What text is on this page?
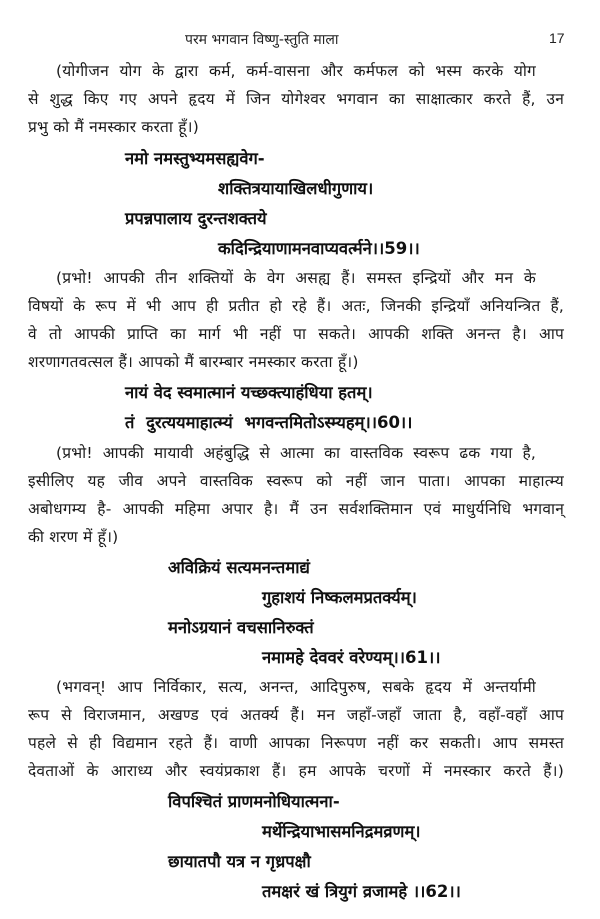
परम भगवान विष्णु-स्तुति माला	17
(योगीजन योग के द्वारा कर्म, कर्म-वासना और कर्मफल को भस्म करके योग
से शुद्ध किए गए अपने हृदय में जिन योगेश्वर भगवान का साक्षात्कार करते हैं, उन
प्रभु को मैं नमस्कार करता हूँ।)
नमो नमस्तुभ्यमसह्यवेग-
शक्तित्रयायाखिलधीगुणाय।
प्रपन्नपालाय दुरन्तशक्तये
कदिन्द्रियाणामनवाप्यवर्त्मने।।59।।
(प्रभो! आपकी तीन शक्तियों के वेग असह्य हैं। समस्त इन्द्रियों और मन के
विषयों के रूप में भी आप ही प्रतीत हो रहे हैं। अतः, जिनकी इन्द्रियाँ अनियन्त्रित हैं,
वे तो आपकी प्राप्ति का मार्ग भी नहीं पा सकते। आपकी शक्ति अनन्त है। आप
शरणागतवत्सल हैं। आपको मैं बारम्बार नमस्कार करता हूँ।)
नायं वेद स्वमात्मानं यच्छक्त्याहंधिया हतम्।
तं दुरत्ययमाहात्म्यं भगवन्तमितोऽस्म्यहम्।।60।।
(प्रभो! आपकी मायावी अहंबुद्धि से आत्मा का वास्तविक स्वरूप ढक गया है,
इसीलिए यह जीव अपने वास्तविक स्वरूप को नहीं जान पाता। आपका माहात्म्य
अबोधगम्य है- आपकी महिमा अपार है। मैं उन सर्वशक्तिमान एवं माधुर्यनिधि भगवान्
की शरण में हूँ।)
अविक्रियं सत्यमनन्तमाद्यं
गुहाशयं निष्कलमप्रतर्क्यम्।
मनोऽग्रयानं वचसानिरुक्तं
नमामहे देववरं वरेण्यम्।।61।।
(भगवन्! आप निर्विकार, सत्य, अनन्त, आदिपुरुष, सबके हृदय में अन्तर्यामी
रूप से विराजमान, अखण्ड एवं अतर्क्य हैं। मन जहाँ-जहाँ जाता है, वहाँ-वहाँ आप
पहले से ही विद्यमान रहते हैं। वाणी आपका निरूपण नहीं कर सकती। आप समस्त
देवताओं के आराध्य और स्वयंप्रकाश हैं। हम आपके चरणों में नमस्कार करते हैं।)
विपश्चितं प्राणमनोधियात्मना-
मर्थेन्द्रियाभासमनिद्रमव्रणम्।
छायातपौ यत्र न गृध्रपक्षौ
तमक्षरं खं त्रियुगं व्रजामहे ।।62।।
